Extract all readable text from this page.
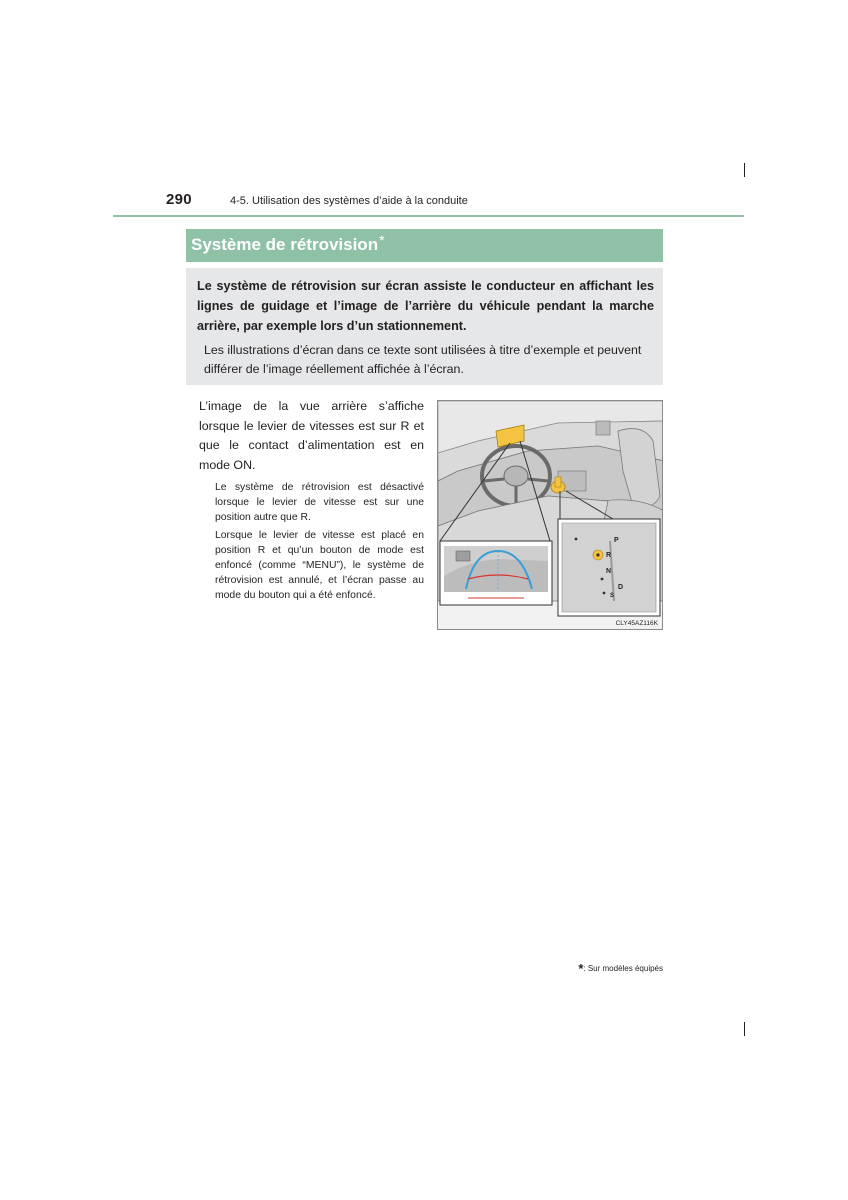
290	4-5. Utilisation des systèmes d’aide à la conduite
Système de rétrovision*
Le système de rétrovision sur écran assiste le conducteur en affichant les lignes de guidage et l’image de l’arrière du véhicule pendant la marche arrière, par exemple lors d’un stationnement.
Les illustrations d’écran dans ce texte sont utilisées à titre d’exemple et peuvent différer de l’image réellement affichée à l’écran.
L’image de la vue arrière s’affiche lorsque le levier de vitesses est sur R et que le contact d’alimentation est en mode ON.
Le système de rétrovision est désactivé lorsque le levier de vitesse est sur une position autre que R.
Lorsque le levier de vitesse est placé en position R et qu’un bouton de mode est enfoncé (comme “MENU”), le système de rétrovision est annulé, et l’écran passe au mode du bouton qui a été enfoncé.
P
R
N
D
S
CLY45AZ116K
*: Sur modèles équipés
